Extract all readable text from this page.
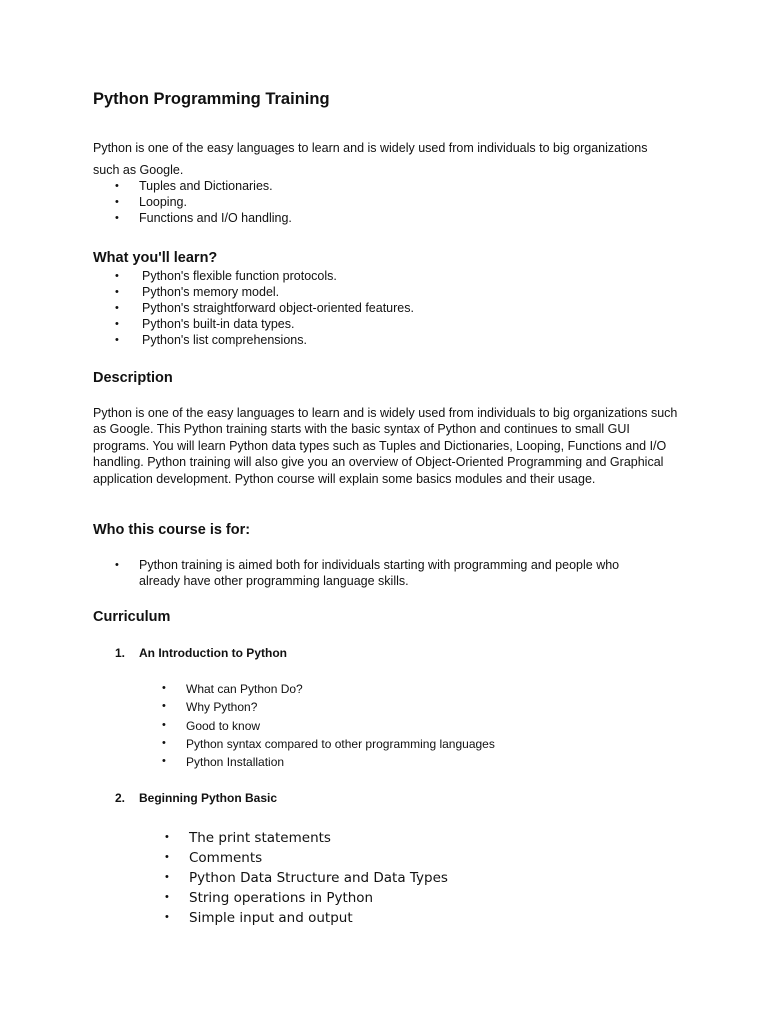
Python Programming Training
Python is one of the easy languages to learn and is widely used from individuals to big organizations
such as Google.
• Tuples and Dictionaries.
• Looping.
• Functions and I/O handling.
What you'll learn?
• Python's flexible function protocols.
• Python's memory model.
• Python's straightforward object-oriented features.
• Python's built-in data types.
• Python's list comprehensions.
Description
Python is one of the easy languages to learn and is widely used from individuals to big organizations such as Google. This Python training starts with the basic syntax of Python and continues to small GUI programs. You will learn Python data types such as Tuples and Dictionaries, Looping, Functions and I/O handling. Python training will also give you an overview of Object-Oriented Programming and Graphical application development. Python course will explain some basics modules and their usage.
Who this course is for:
• Python training is aimed both for individuals starting with programming and people who
already have other programming language skills.
Curriculum
1. An Introduction to Python
• What can Python Do?
• Why Python?
• Good to know
• Python syntax compared to other programming languages
• Python Installation
2. Beginning Python Basic
• The print statements
• Comments
• Python Data Structure and Data Types
• String operations in Python
• Simple input and output
